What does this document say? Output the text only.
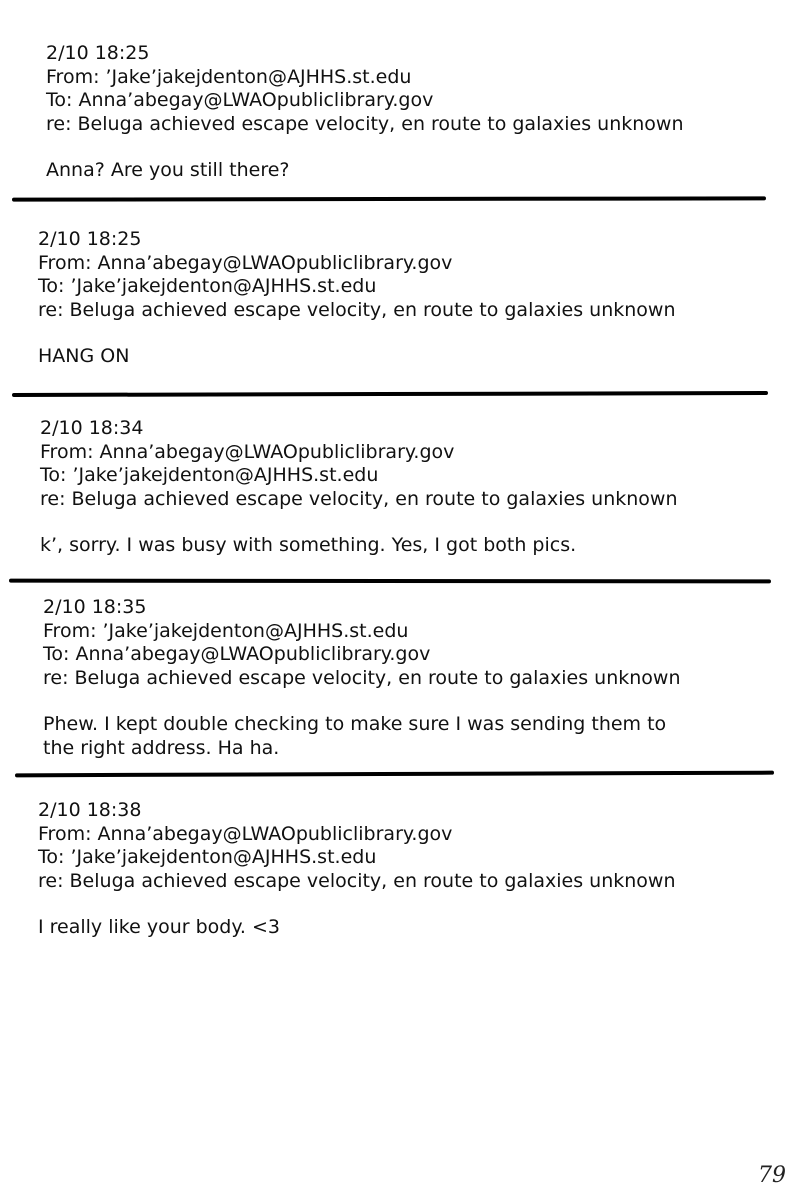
2/10 18:25
From: ’Jake’jakejdenton@AJHHS.st.edu
To: Anna’abegay@LWAOpubliclibrary.gov
re: Beluga achieved escape velocity, en route to galaxies unknown
Anna? Are you still there?
2/10 18:25
From: Anna’abegay@LWAOpubliclibrary.gov
To: ’Jake’jakejdenton@AJHHS.st.edu
re: Beluga achieved escape velocity, en route to galaxies unknown
HANG ON
2/10 18:34
From: Anna’abegay@LWAOpubliclibrary.gov
To: ’Jake’jakejdenton@AJHHS.st.edu
re: Beluga achieved escape velocity, en route to galaxies unknown
k’, sorry. I was busy with something. Yes, I got both pics.
2/10 18:35
From: ’Jake’jakejdenton@AJHHS.st.edu
To: Anna’abegay@LWAOpubliclibrary.gov
re: Beluga achieved escape velocity, en route to galaxies unknown
Phew. I kept double checking to make sure I was sending them to
the right address. Ha ha.
2/10 18:38
From: Anna’abegay@LWAOpubliclibrary.gov
To: ’Jake’jakejdenton@AJHHS.st.edu
re: Beluga achieved escape velocity, en route to galaxies unknown
I really like your body. <3
79
